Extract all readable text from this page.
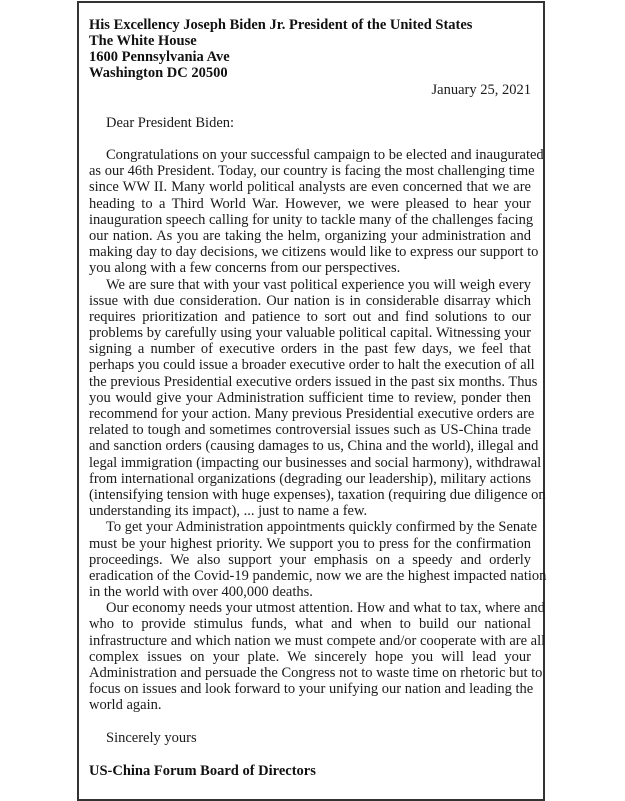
His Excellency Joseph Biden Jr. President of the United States
The White House
1600 Pennsylvania Ave
Washington DC 20500
January 25, 2021
Dear President Biden:
Congratulations on your successful campaign to be elected and inaugurated
as our 46th President. Today, our country is facing the most challenging time
since WW II. Many world political analysts are even concerned that we are
heading to a Third World War. However, we were pleased to hear your
inauguration speech calling for unity to tackle many of the challenges facing
our nation. As you are taking the helm, organizing your administration and
making day to day decisions, we citizens would like to express our support to
you along with a few concerns from our perspectives.
We are sure that with your vast political experience you will weigh every
issue with due consideration. Our nation is in considerable disarray which
requires prioritization and patience to sort out and find solutions to our
problems by carefully using your valuable political capital. Witnessing your
signing a number of executive orders in the past few days, we feel that
perhaps you could issue a broader executive order to halt the execution of all
the previous Presidential executive orders issued in the past six months. Thus
you would give your Administration sufficient time to review, ponder then
recommend for your action. Many previous Presidential executive orders are
related to tough and sometimes controversial issues such as US-China trade
and sanction orders (causing damages to us, China and the world), illegal and
legal immigration (impacting our businesses and social harmony), withdrawal
from international organizations (degrading our leadership), military actions
(intensifying tension with huge expenses), taxation (requiring due diligence on
understanding its impact), ... just to name a few.
To get your Administration appointments quickly confirmed by the Senate
must be your highest priority. We support you to press for the confirmation
proceedings. We also support your emphasis on a speedy and orderly
eradication of the Covid-19 pandemic, now we are the highest impacted nation
in the world with over 400,000 deaths.
Our economy needs your utmost attention. How and what to tax, where and
who to provide stimulus funds, what and when to build our national
infrastructure and which nation we must compete and/or cooperate with are all
complex issues on your plate. We sincerely hope you will lead your
Administration and persuade the Congress not to waste time on rhetoric but to
focus on issues and look forward to your unifying our nation and leading the
world again.
Sincerely yours
US-China Forum Board of Directors
